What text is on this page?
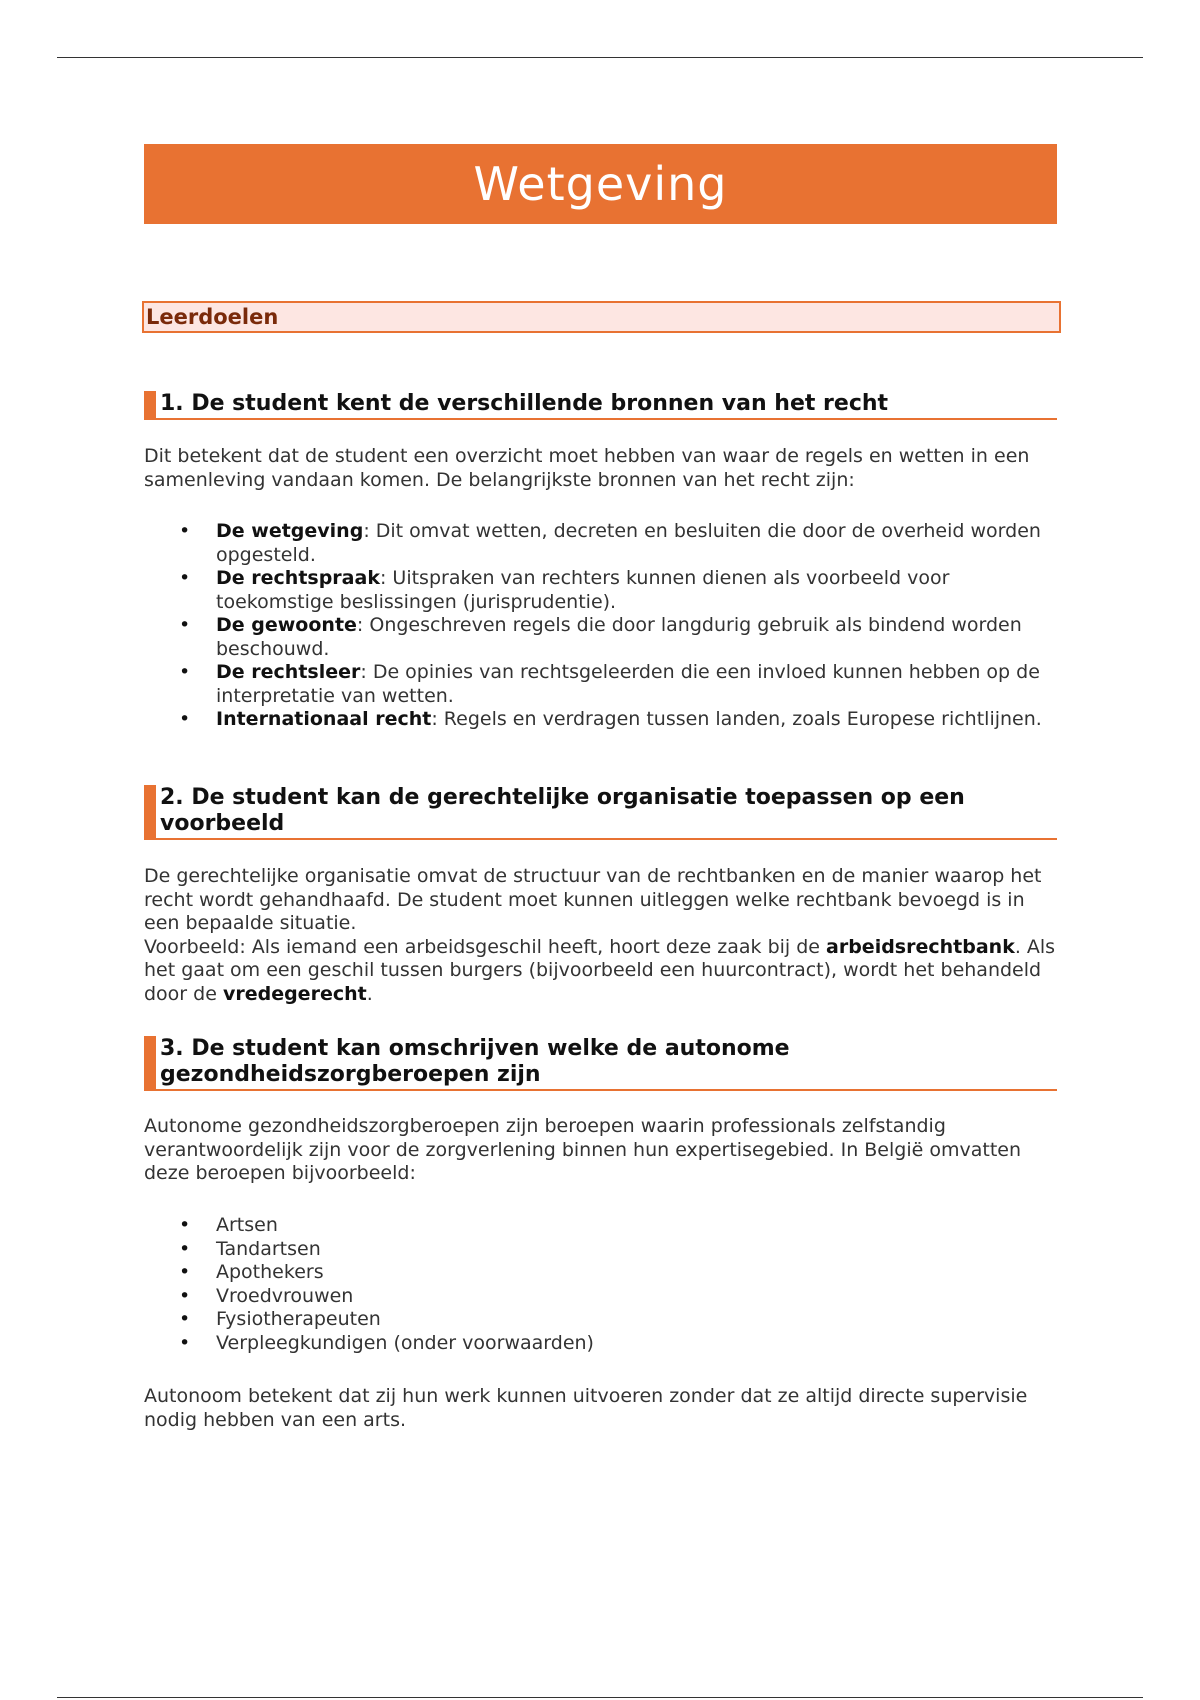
Wetgeving
Leerdoelen
1. De student kent de verschillende bronnen van het recht

Dit betekent dat de student een overzicht moet hebben van waar de regels en wetten in een samenleving vandaan komen. De belangrijkste bronnen van het recht zijn:

• De wetgeving: Dit omvat wetten, decreten en besluiten die door de overheid worden opgesteld.
• De rechtspraak: Uitspraken van rechters kunnen dienen als voorbeeld voor toekomstige beslissingen (jurisprudentie).
• De gewoonte: Ongeschreven regels die door langdurig gebruik als bindend worden beschouwd.
• De rechtsleer: De opinies van rechtsgeleerden die een invloed kunnen hebben op de interpretatie van wetten.
• Internationaal recht: Regels en verdragen tussen landen, zoals Europese richtlijnen.
2. De student kan de gerechtelijke organisatie toepassen op een voorbeeld

De gerechtelijke organisatie omvat de structuur van de rechtbanken en de manier waarop het recht wordt gehandhaafd. De student moet kunnen uitleggen welke rechtbank bevoegd is in een bepaalde situatie.

Voorbeeld: Als iemand een arbeidsgeschil heeft, hoort deze zaak bij de arbeidsrechtbank. Als het gaat om een geschil tussen burgers (bijvoorbeeld een huurcontract), wordt het behandeld door de vredegerecht.

3. De student kan omschrijven welke de autonome gezondheidszorgberoepen zijn

Autonome gezondheidszorgberoepen zijn beroepen waarin professionals zelfstandig verantwoordelijk zijn voor de zorgverlening binnen hun expertisegebied. In België omvatten deze beroepen bijvoorbeeld:

• Artsen
• Tandartsen
• Apothekers
• Vroedvrouwen
• Fysiotherapeuten
• Verpleegkundigen (onder voorwaarden)

Autonoom betekent dat zij hun werk kunnen uitvoeren zonder dat ze altijd directe supervisie nodig hebben van een arts.
